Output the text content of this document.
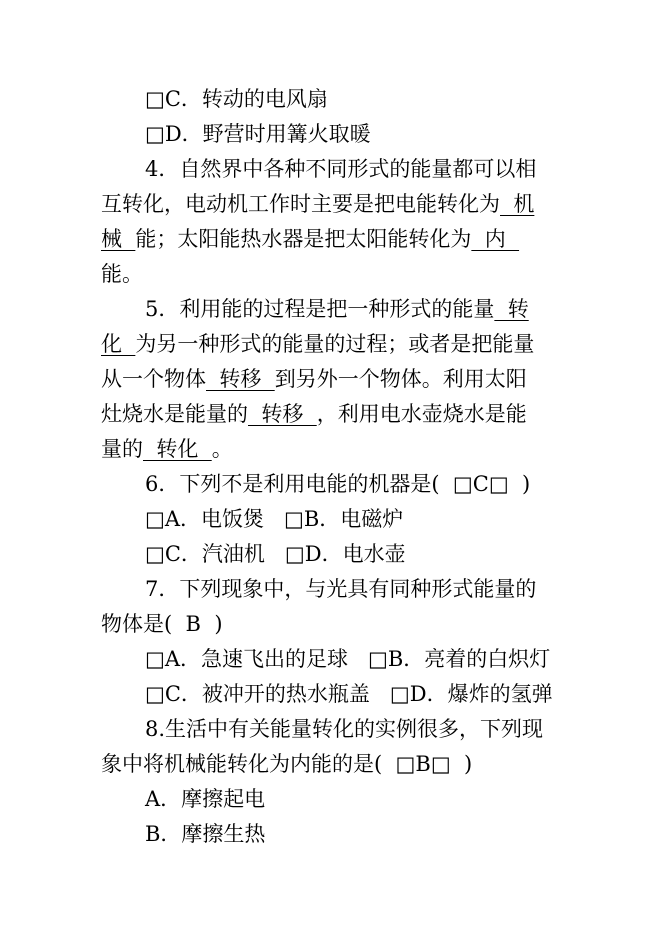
□C．转动的电风扇
□D．野营时用篝火取暖
4．自然界中各种不同形式的能量都可以相
互转化，电动机工作时主要是把电能转化为  机
械 能；太阳能热水器是把太阳能转化为  内
能。
5．利用能的过程是把一种形式的能量  转
化 为另一种形式的能量的过程；或者是把能量
从一个物体  转移  到另外一个物体。利用太阳
灶烧水是能量的  转移  ，利用电水壶烧水是能
量的  转化  。
6．下列不是利用电能的机器是(  □C□  )
□A．电饭煲   □B．电磁炉
□C．汽油机   □D．电水壶
7．下列现象中，与光具有同种形式能量的
物体是(  B  )
□A．急速飞出的足球   □B．亮着的白炽灯
□C．被冲开的热水瓶盖   □D．爆炸的氢弹
8.生活中有关能量转化的实例很多，下列现
象中将机械能转化为内能的是(  □B□  )
A．摩擦起电
B．摩擦生热
